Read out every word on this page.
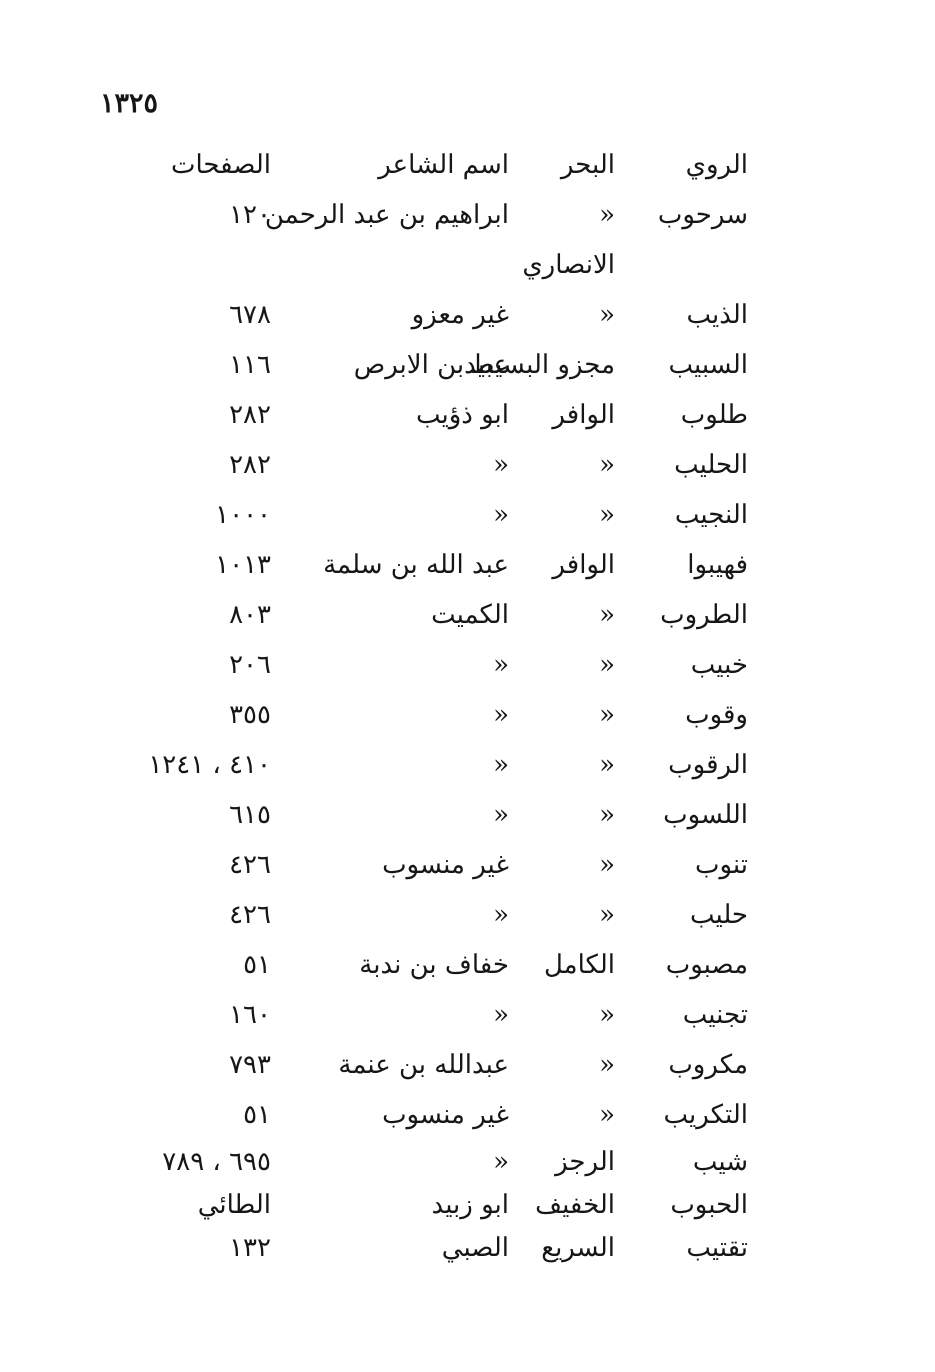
١٣٢٥
الروي
البحر
اسم الشاعر
الصفحات
سرحوب
«
ابراهيم بن عبد الرحمن
١٢٠
الانصاري
الذيب
«
غير معزو
٦٧٨
السبيب
مجزو البسيط
عبيدبن الابرص
١١٦
طلوب
الوافر
ابو ذؤيب
٢٨٢
الحليب
«
«
٢٨٢
النجيب
«
«
١٠٠٠
فهيبوا
الوافر
عبد الله بن سلمة
١٠١٣
الطروب
«
الكميت
٨٠٣
خبيب
«
«
٢٠٦
وقوب
«
«
٣٥٥
الرقوب
«
«
٤١٠ ، ١٢٤١
اللسوب
«
«
٦١٥
تنوب
«
غير منسوب
٤٢٦
حليب
«
«
٤٢٦
مصبوب
الكامل
خفاف بن ندبة
٥١
تجنيب
«
«
١٦٠
مكروب
«
عبدالله بن عنمة
٧٩٣
التكريب
«
غير منسوب
٥١
شيب
الرجز
«
٦٩٥ ، ٧٨٩
الحبوب
الخفيف
ابو زبيد
الطائي
تقتيب
السريع
الصبي
١٣٢
